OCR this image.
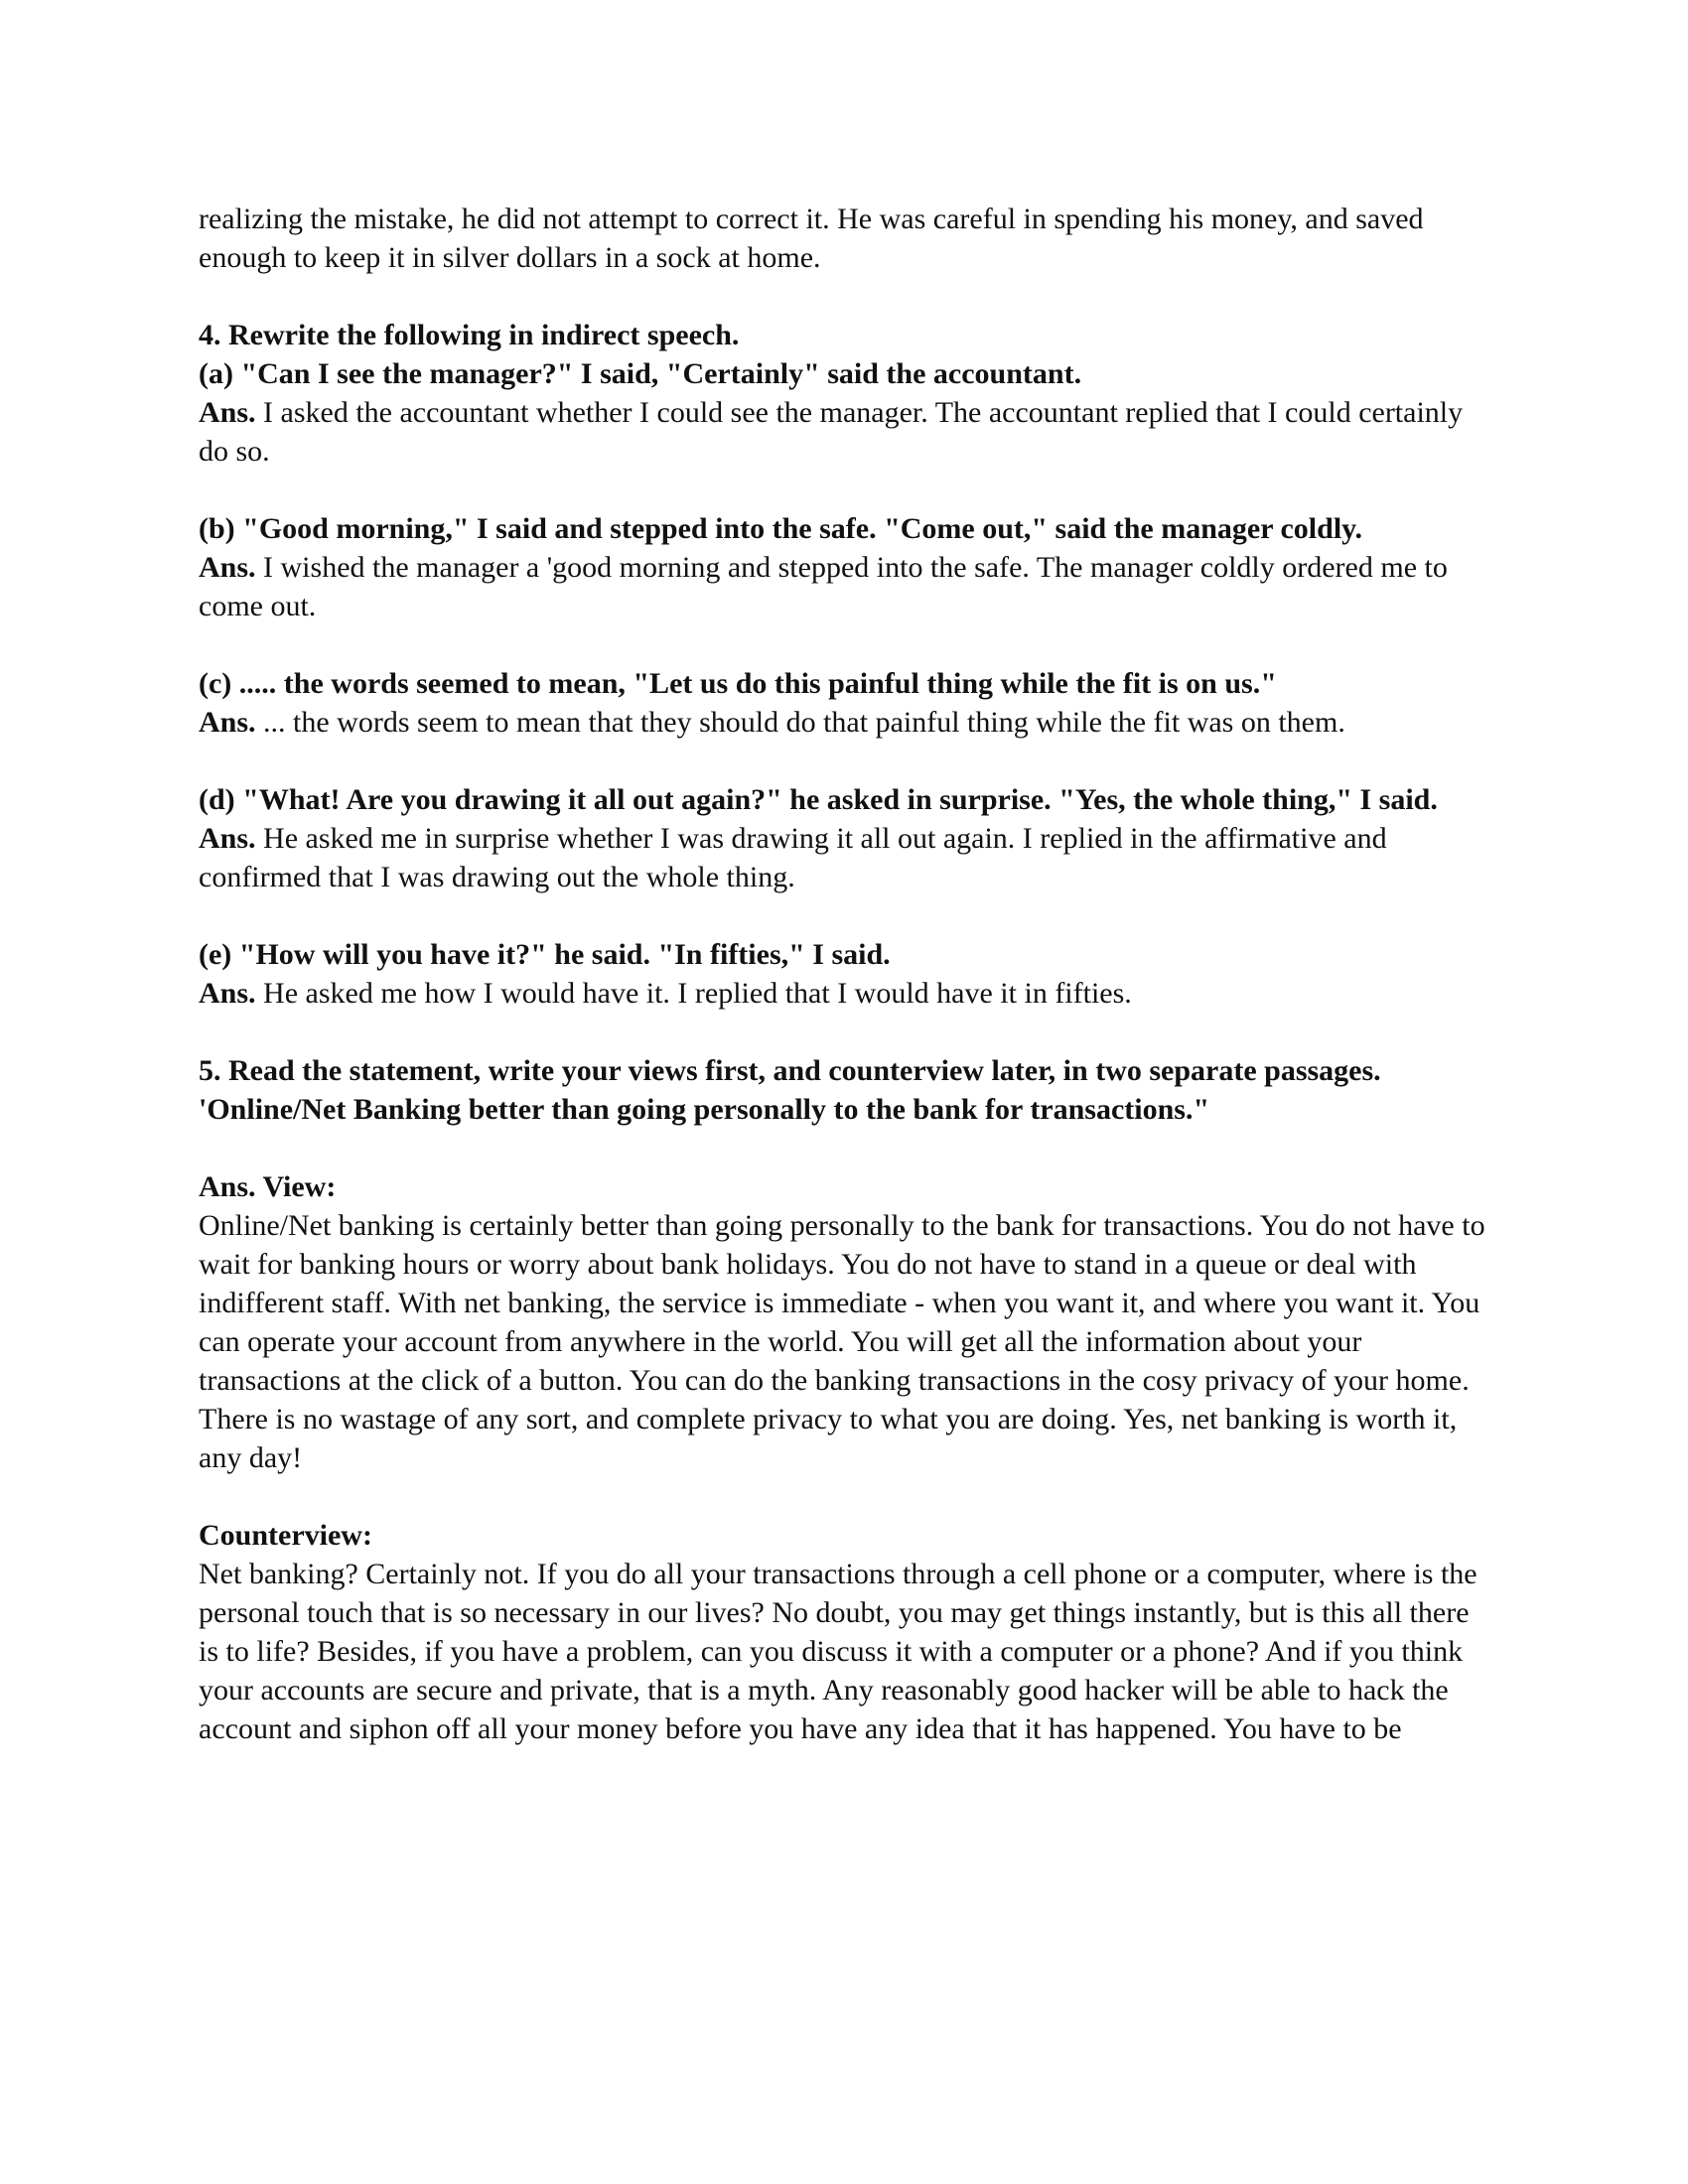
realizing the mistake, he did not attempt to correct it. He was careful in spending his money, and saved enough to keep it in silver dollars in a sock at home.

4. Rewrite the following in indirect speech.

(a) "Can I see the manager?" I said, "Certainly" said the accountant.

Ans. I asked the accountant whether I could see the manager. The accountant replied that I could certainly do so.

(b) "Good morning," I said and stepped into the safe. "Come out," said the manager coldly.

Ans. I wished the manager a 'good morning and stepped into the safe. The manager coldly ordered me to come out.

(c) ..... the words seemed to mean, "Let us do this painful thing while the fit is on us."

Ans. ... the words seem to mean that they should do that painful thing while the fit was on them.

(d) "What! Are you drawing it all out again?" he asked in surprise. "Yes, the whole thing," I said.

Ans. He asked me in surprise whether I was drawing it all out again. I replied in the affirmative and confirmed that I was drawing out the whole thing.

(e) "How will you have it?" he said. "In fifties," I said.

Ans. He asked me how I would have it. I replied that I would have it in fifties.

5. Read the statement, write your views first, and counterview later, in two separate passages. 'Online/Net Banking better than going personally to the bank for transactions."

Ans. View:

Online/Net banking is certainly better than going personally to the bank for transactions. You do not have to wait for banking hours or worry about bank holidays. You do not have to stand in a queue or deal with indifferent staff. With net banking, the service is immediate - when you want it, and where you want it. You can operate your account from anywhere in the world. You will get all the information about your transactions at the click of a button. You can do the banking transactions in the cosy privacy of your home. There is no wastage of any sort, and complete privacy to what you are doing. Yes, net banking is worth it, any day!

Counterview:

Net banking? Certainly not. If you do all your transactions through a cell phone or a computer, where is the personal touch that is so necessary in our lives? No doubt, you may get things instantly, but is this all there is to life? Besides, if you have a problem, can you discuss it with a computer or a phone? And if you think your accounts are secure and private, that is a myth. Any reasonably good hacker will be able to hack the account and siphon off all your money before you have any idea that it has happened. You have to be
